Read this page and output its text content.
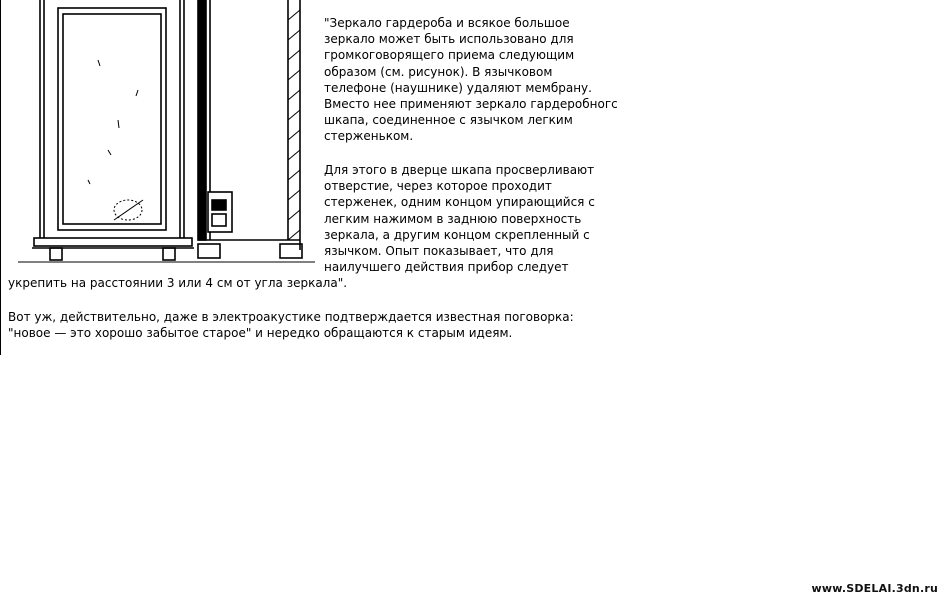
"Зеркало гардероба и всякое большое
зеркало может быть использовано для
громкоговорящего приема следующим
образом (см. рисунок). В язычковом
телефоне (наушнике) удаляют мембрану.
Вместо нее применяют зеркало гардеробногс
шкапа, соединенное с язычком легким
стерженьком.

Для этого в дверце шкапа просверливают
отверстие, через которое проходит
стерженек, одним концом упирающийся с
легким нажимом в заднюю поверхность
зеркала, а другим концом скрепленный с
язычком. Опыт показывает, что для
наилучшего действия прибор следует

укрепить на расстоянии 3 или 4 см от угла зеркала".

Вот уж, действительно, даже в электроакустике подтверждается известная поговорка:
"новое — это хорошо забытое старое" и нередко обращаются к старым идеям.

www.SDELAI.3dn.ru
